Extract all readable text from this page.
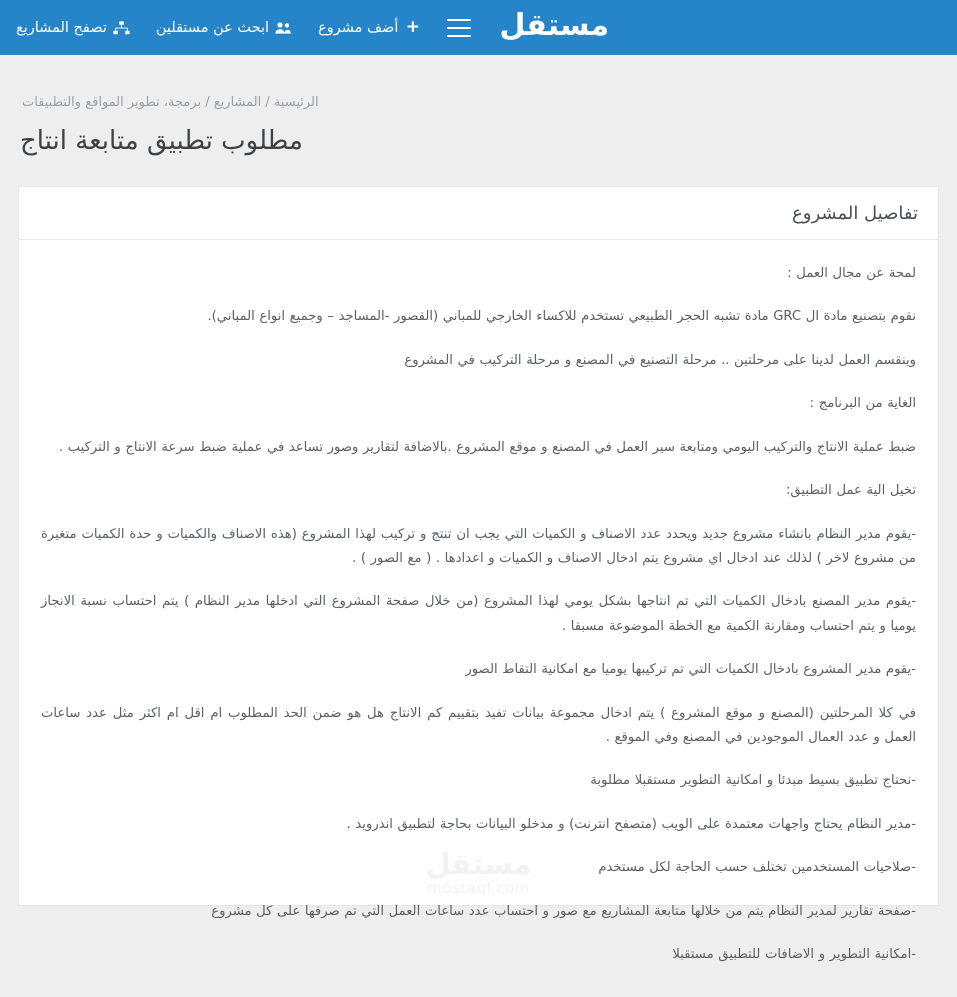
مستقل
+
أضف مشروع
ابحث عن مستقلين
تصفح المشاريع
الرئيسية / المشاريع / برمجة، تطوير المواقع والتطبيقات
مطلوب تطبيق متابعة انتاج
تفاصيل المشروع

لمحة عن مجال العمل :

نقوم بتصنيع مادة ال GRC مادة تشبه الحجر الطبيعي تستخدم للاكساء الخارجي للمباني (القصور -المساجد – وجميع انواع المباني).

وينقسم العمل لدينا على مرحلتين .. مرحلة التصنيع في المصنع و مرحلة التركيب في المشروع

الغاية من البرنامج :

ضبط عملية الانتاج والتركيب اليومي ومتابعة سير العمل في المصنع و موقع المشروع .بالاضافة لتقارير وصور تساعد في عملية ضبط سرعة الانتاج و التركيب .

تخيل الية عمل التطبيق:

-يقوم مدير النظام بانشاء مشروع جديد ويحدد عدد الاصناف و الكميات التي يجب ان تنتج و تركيب لهذا المشروع (هذه الاصناف والكميات و حدة الكميات متغيرة من مشروع لاخر ) لذلك عند ادخال اي مشروع يتم ادخال الاصناف و الكميات و اعدادها . ( مع الصور ) .

-يقوم مدير المصنع بادخال الكميات التي تم انتاجها بشكل يومي لهذا المشروع (من خلال صفحة المشروع التي ادخلها مدير النظام ) يتم احتساب نسبة الانجاز يوميا و يتم احتساب ومقارنة الكمية مع الخطة الموضوعة مسبقا .

-يقوم مدير المشروع بادخال الكميات التي تم تركيبها يوميا مع امكانية التقاط الصور

في كلا المرحلتين (المصنع و موقع المشروع ) يتم ادخال مجموعة بيانات تفيد بتقييم كم الانتاج هل هو ضمن الحد المطلوب ام اقل ام اكثر مثل عدد ساعات العمل و عدد العمال الموجودين في المصنع وفي الموقع .

-نحتاج تطبيق بسيط مبدئا و امكانية التطوير مستقبلا مطلوبة

-مدير النظام يحتاج واجهات معتمدة على الويب (متصفح انترنت) و مدخلو البيانات بحاجة لتطبيق اندرويد .

-صلاحيات المستخدمين تختلف حسب الحاجة لكل مستخدم

-صفحة تقارير لمدير النظام يتم من خلالها متابعة المشاريع مع صور و احتساب عدد ساعات العمل التي تم صرفها على كل مشروع

-امكانية التطوير و الاضافات للتطبيق مستقبلا

مستقل
mostaql.com
